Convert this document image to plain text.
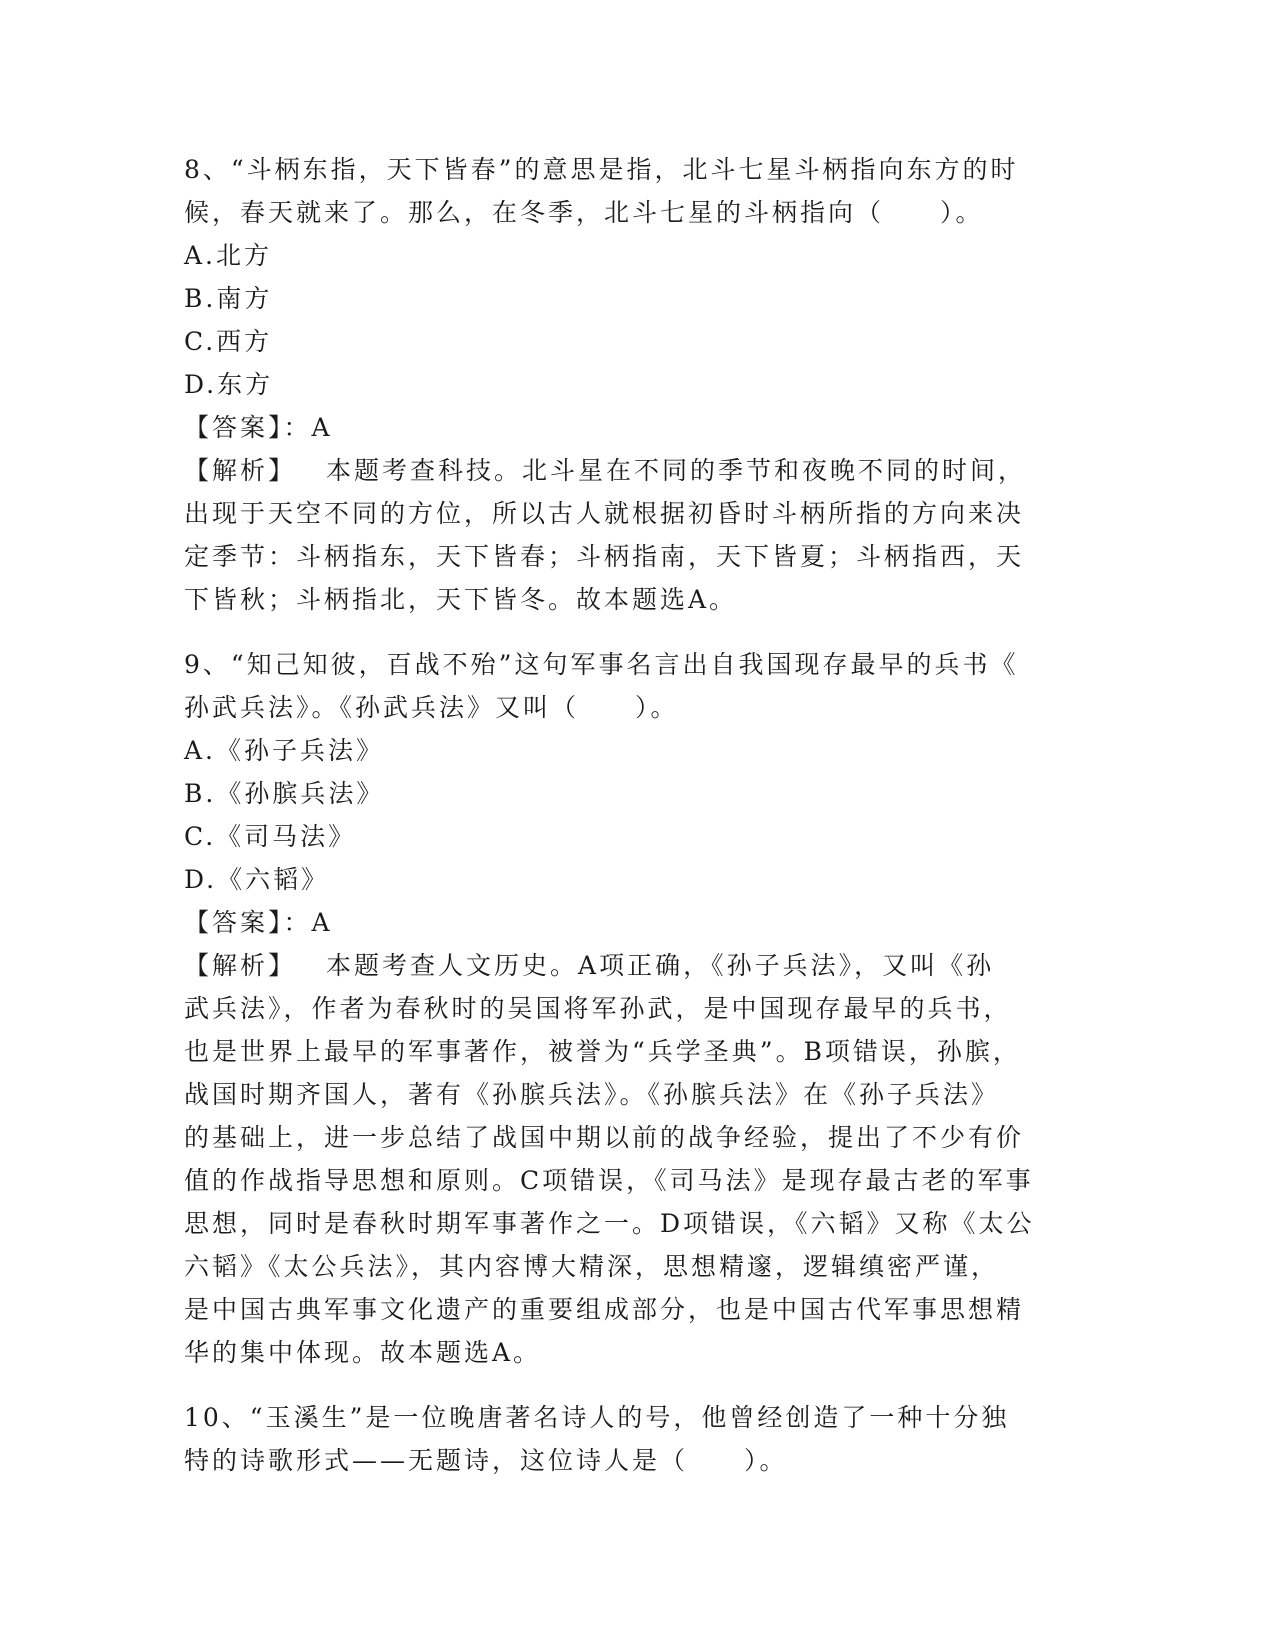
8、“斗柄东指，天下皆春”的意思是指，北斗七星斗柄指向东方的时
候，春天就来了。那么，在冬季，北斗七星的斗柄指向（　　）。
A.北方
B.南方
C.西方
D.东方
【答案】：A
【解析】 本题考查科技。北斗星在不同的季节和夜晚不同的时间，
出现于天空不同的方位，所以古人就根据初昏时斗柄所指的方向来决
定季节：斗柄指东，天下皆春；斗柄指南，天下皆夏；斗柄指西，天
下皆秋；斗柄指北，天下皆冬。故本题选A。
9、“知己知彼，百战不殆”这句军事名言出自我国现存最早的兵书《
孙武兵法》。《孙武兵法》又叫（　　）。
A.《孙子兵法》
B.《孙膑兵法》
C.《司马法》
D.《六韬》
【答案】：A
【解析】 本题考查人文历史。A项正确，《孙子兵法》，又叫《孙
武兵法》，作者为春秋时的吴国将军孙武，是中国现存最早的兵书，
也是世界上最早的军事著作，被誉为“兵学圣典”。B项错误，孙膑，
战国时期齐国人，著有《孙膑兵法》。《孙膑兵法》在《孙子兵法》
的基础上，进一步总结了战国中期以前的战争经验，提出了不少有价
值的作战指导思想和原则。C项错误，《司马法》是现存最古老的军事
思想，同时是春秋时期军事著作之一。D项错误，《六韬》又称《太公
六韬》《太公兵法》，其内容博大精深，思想精邃，逻辑缜密严谨，
是中国古典军事文化遗产的重要组成部分，也是中国古代军事思想精
华的集中体现。故本题选A。
10、“玉溪生”是一位晚唐著名诗人的号，他曾经创造了一种十分独
特的诗歌形式——无题诗，这位诗人是（　　）。
